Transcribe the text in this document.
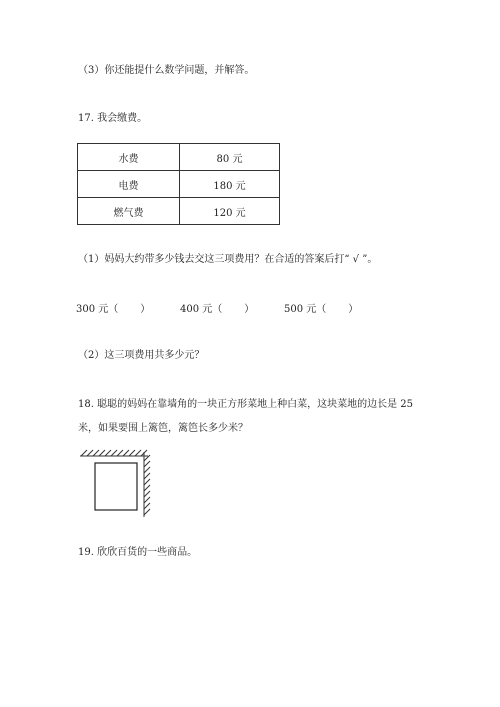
（3）你还能提什么数学问题，并解答。
17. 我会缴费。
水费	80 元
电费	180 元
燃气费	120 元
（1）妈妈大约带多少钱去交这三项费用？在合适的答案后打“ √ ”。
300 元（ ）	400 元（ ）	500 元（ ）
（2）这三项费用共多少元？
18. 聪聪的妈妈在靠墙角的一块正方形菜地上种白菜，这块菜地的边长是 25
米，如果要围上篱笆，篱笆长多少米？
19. 欣欣百货的一些商品。
